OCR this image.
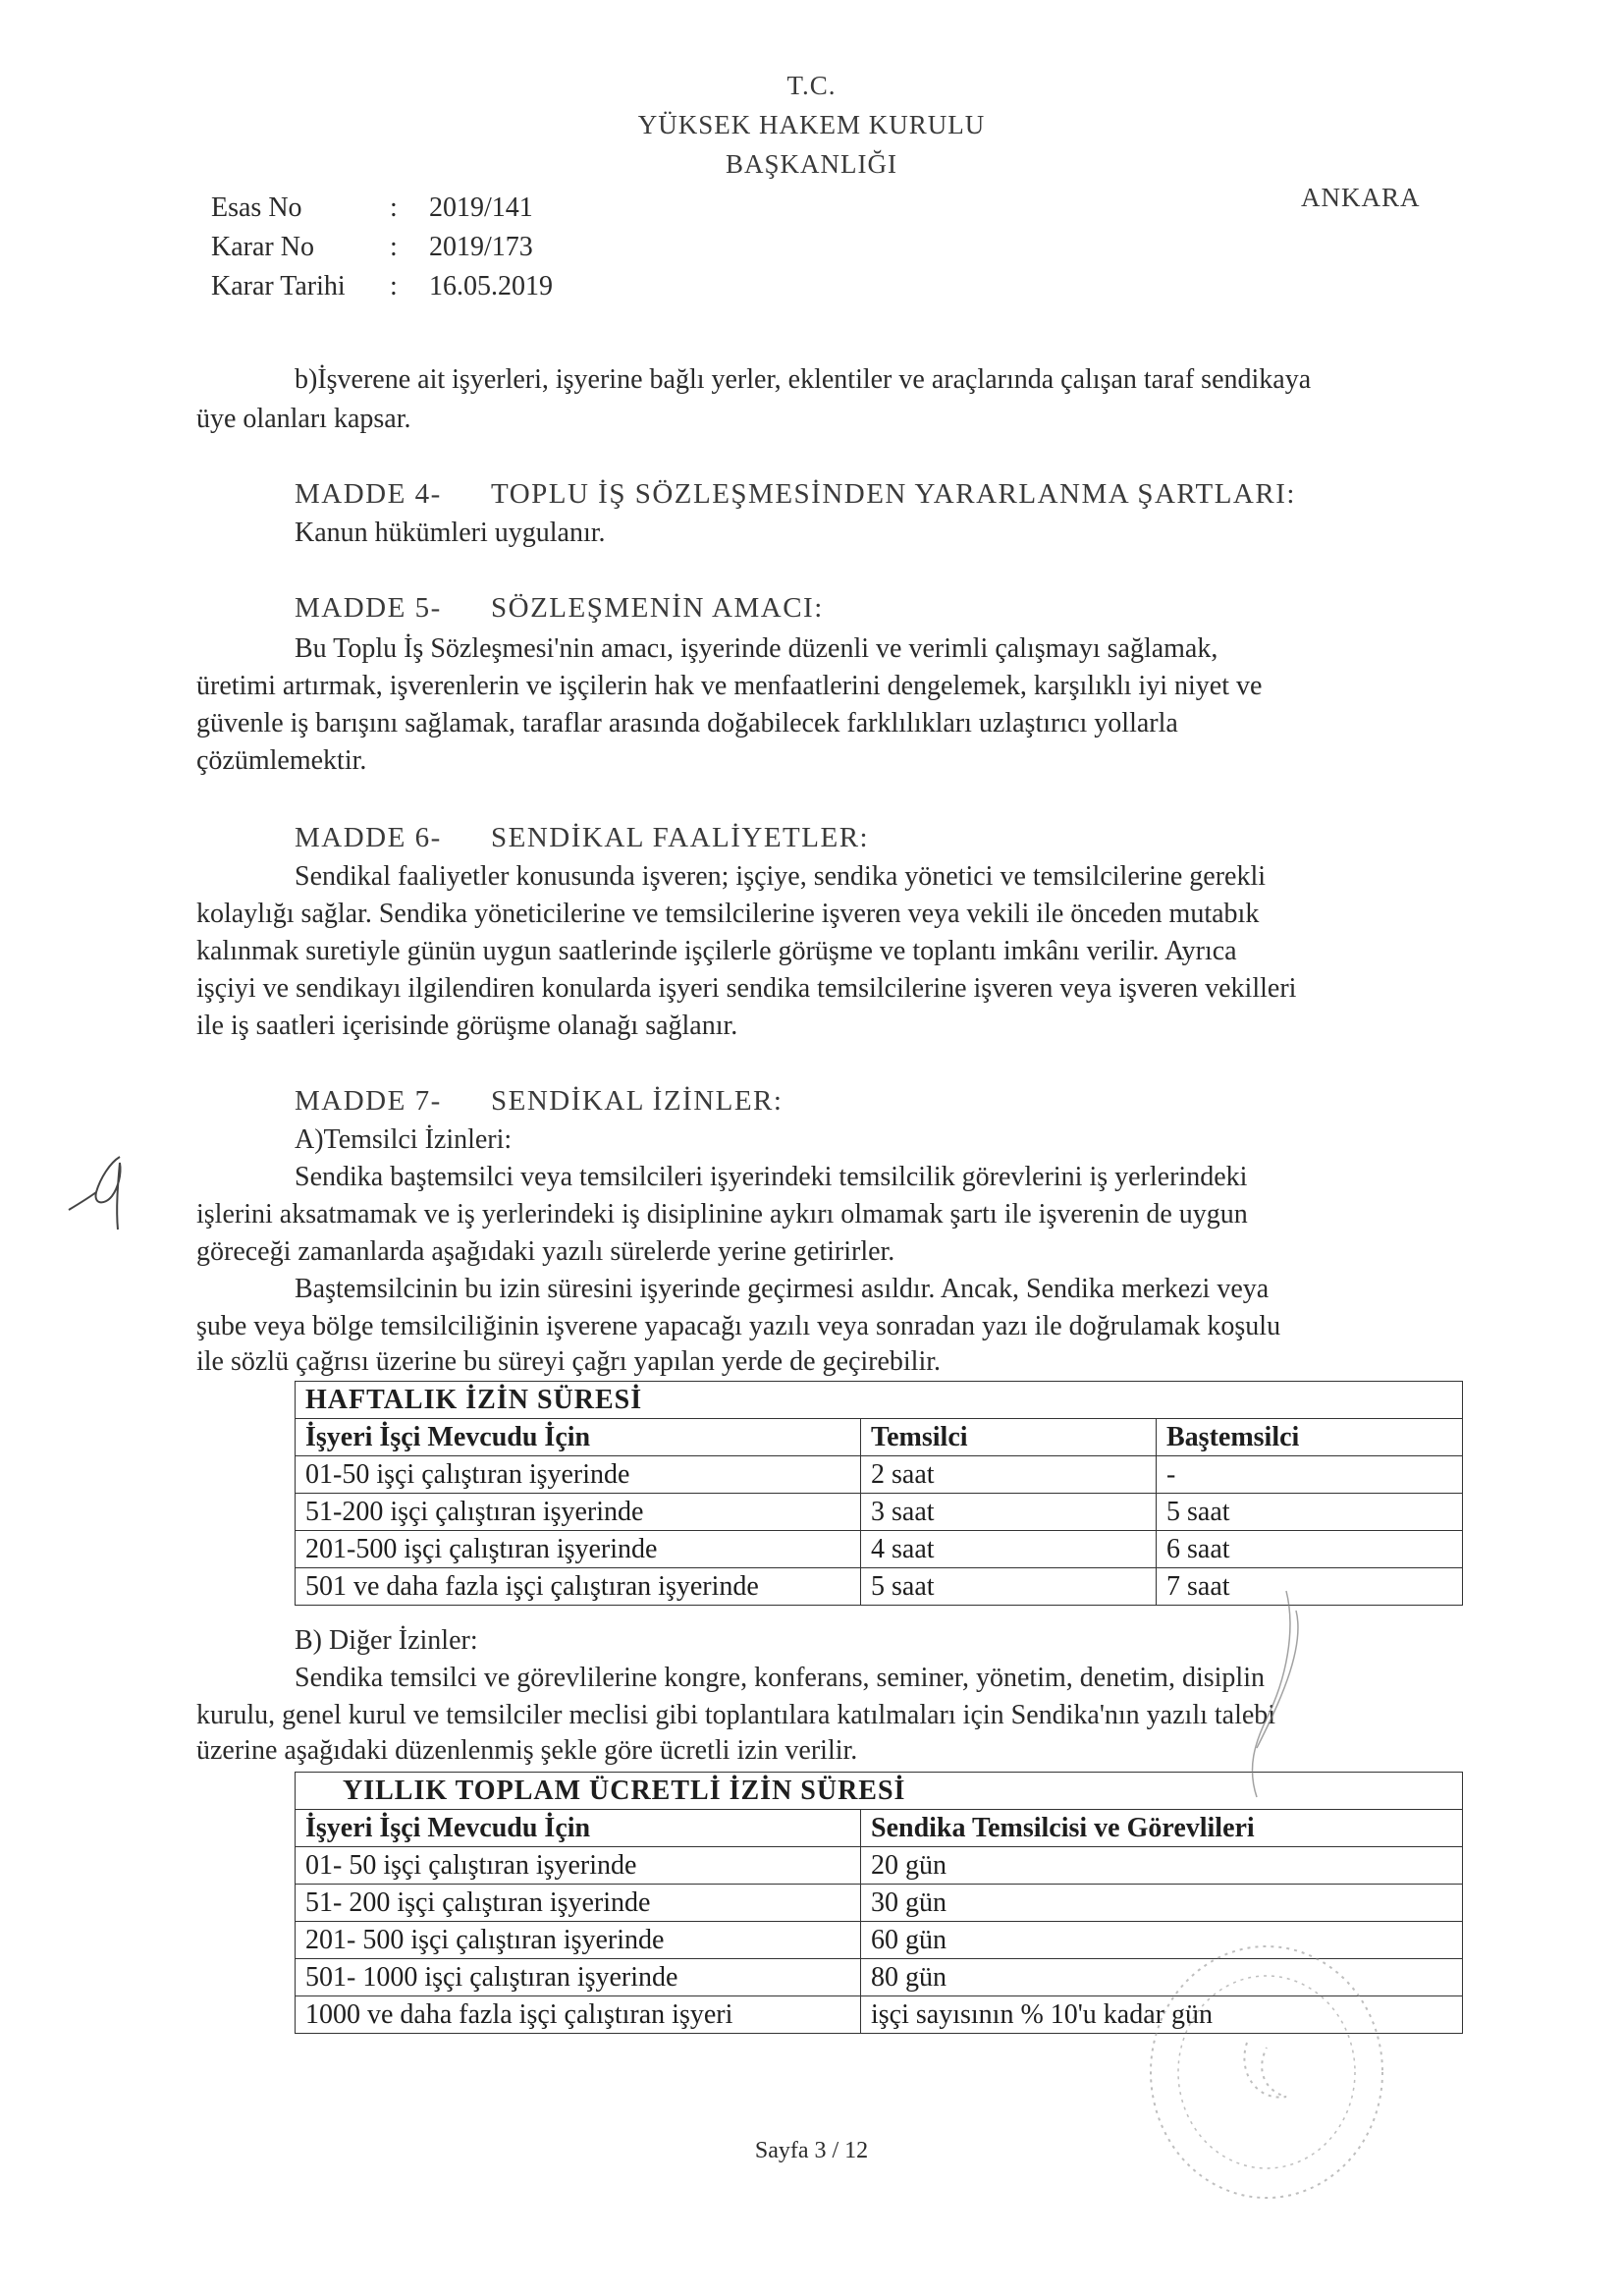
T.C.
YÜKSEK HAKEM KURULU
BAŞKANLIĞI
ANKARA
Esas No	:	2019/141
Karar No	:	2019/173
Karar Tarihi	:	16.05.2019
b)İşverene ait işyerleri, işyerine bağlı yerler, eklentiler ve araçlarında çalışan taraf sendikaya
üye olanları kapsar.
MADDE 4- TOPLU İŞ SÖZLEŞMESİNDEN YARARLANMA ŞARTLARI:
Kanun hükümleri uygulanır.
MADDE 5- SÖZLEŞMENİN AMACI:
Bu Toplu İş Sözleşmesi'nin amacı, işyerinde düzenli ve verimli çalışmayı sağlamak,
üretimi artırmak, işverenlerin ve işçilerin hak ve menfaatlerini dengelemek, karşılıklı iyi niyet ve
güvenle iş barışını sağlamak, taraflar arasında doğabilecek farklılıkları uzlaştırıcı yollarla
çözümlemektir.
MADDE 6- SENDİKAL FAALİYETLER:
Sendikal faaliyetler konusunda işveren; işçiye, sendika yönetici ve temsilcilerine gerekli
kolaylığı sağlar. Sendika yöneticilerine ve temsilcilerine işveren veya vekili ile önceden mutabık
kalınmak suretiyle günün uygun saatlerinde işçilerle görüşme ve toplantı imkânı verilir. Ayrıca
işçiyi ve sendikayı ilgilendiren konularda işyeri sendika temsilcilerine işveren veya işveren vekilleri
ile iş saatleri içerisinde görüşme olanağı sağlanır.
MADDE 7- SENDİKAL İZİNLER:
A)Temsilci İzinleri:
Sendika baştemsilci veya temsilcileri işyerindeki temsilcilik görevlerini iş yerlerindeki
işlerini aksatmamak ve iş yerlerindeki iş disiplinine aykırı olmamak şartı ile işverenin de uygun
göreceği zamanlarda aşağıdaki yazılı sürelerde yerine getirirler.
Baştemsilcinin bu izin süresini işyerinde geçirmesi asıldır. Ancak, Sendika merkezi veya
şube veya bölge temsilciliğinin işverene yapacağı yazılı veya sonradan yazı ile doğrulamak koşulu
ile sözlü çağrısı üzerine bu süreyi çağrı yapılan yerde de geçirebilir.
HAFTALIK İZİN SÜRESİ		
İşyeri İşçi Mevcudu İçin	Temsilci	Baştemsilci
01-50 işçi çalıştıran işyerinde	2 saat	-
51-200 işçi çalıştıran işyerinde	3 saat	5 saat
201-500 işçi çalıştıran işyerinde	4 saat	6 saat
501 ve daha fazla işçi çalıştıran işyerinde	5 saat	7 saat
B) Diğer İzinler:
Sendika temsilci ve görevlilerine kongre, konferans, seminer, yönetim, denetim, disiplin
kurulu, genel kurul ve temsilciler meclisi gibi toplantılara katılmaları için Sendika'nın yazılı talebi
üzerine aşağıdaki düzenlenmiş şekle göre ücretli izin verilir.
YILLIK TOPLAM ÜCRETLİ İZİN SÜRESİ	
İşyeri İşçi Mevcudu İçin	Sendika Temsilcisi ve Görevlileri
01- 50 işçi çalıştıran işyerinde	20 gün
51- 200 işçi çalıştıran işyerinde	30 gün
201- 500 işçi çalıştıran işyerinde	60 gün
501- 1000 işçi çalıştıran işyerinde	80 gün
1000 ve daha fazla işçi çalıştıran işyeri	işçi sayısının % 10'u kadar gün
Sayfa 3 / 12
